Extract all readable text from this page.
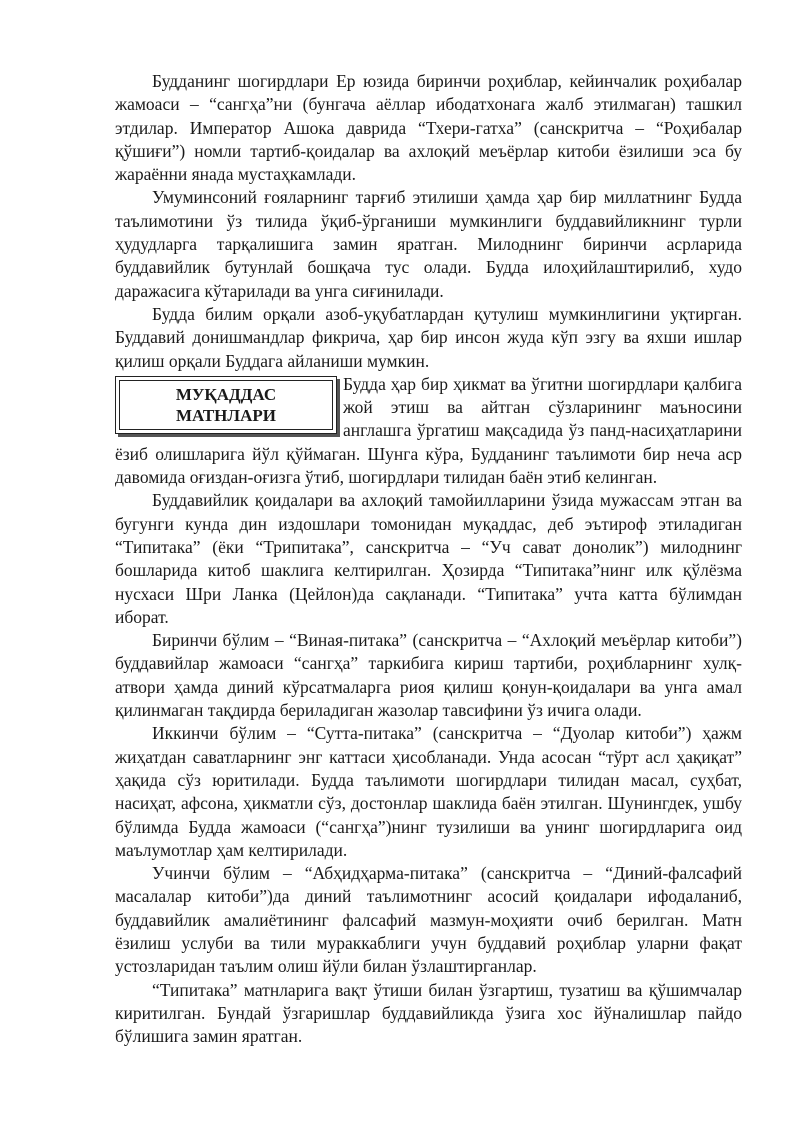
Будданинг шогирдлари Ер юзида биринчи роҳиблар, кейинчалик роҳибалар жамоаси – “сангҳа”ни (бунгача аёллар ибодатхонага жалб этилмаган) ташкил этдилар. Император Ашока даврида “Тхери-гатха” (санскритча – “Роҳибалар қўшиғи”) номли тартиб-қоидалар ва ахлоқий меъёрлар китоби ёзилиши эса бу жараённи янада мустаҳкамлади.

Умуминсоний ғояларнинг тарғиб этилиши ҳамда ҳар бир миллатнинг Будда таълимотини ўз тилида ўқиб-ўрганиши мумкинлиги буддавийликнинг турли ҳудудларга тарқалишига замин яратган. Милоднинг биринчи асрларида буддавийлик бутунлай бошқача тус олади. Будда илоҳийлаштирилиб, худо даражасига кўтарилади ва унга сиғинилади.

Будда билим орқали азоб-уқубатлардан қутулиш мумкинлигини уқтирган. Буддавий донишмандлар фикрича, ҳар бир инсон жуда кўп эзгу ва яхши ишлар қилиш орқали Буддага айланиши мумкин.

МУҚАДДАС
МАТНЛАРИ

Будда ҳар бир ҳикмат ва ўгитни шогирдлари қалбига жой этиш ва айтган сўзларининг маъносини англашга ўргатиш мақсадида ўз панд-насиҳатларини ёзиб олишларига йўл қўймаган. Шунга кўра, Будданинг таълимоти бир неча аср давомида оғиздан-оғизга ўтиб, шогирдлари тилидан баён этиб келинган.

Буддавийлик қоидалари ва ахлоқий тамойилларини ўзида мужассам этган ва бугунги кунда дин издошлари томонидан муқаддас, деб эътироф этиладиган “Типитака” (ёки “Трипитака”, санскритча – “Уч сават донолик”) милоднинг бошларида китоб шаклига келтирилган. Ҳозирда “Типитака”нинг илк қўлёзма нусхаси Шри Ланка (Цейлон)да сақланади. “Типитака” учта катта бўлимдан иборат.

Биринчи бўлим – “Виная-питака” (санскритча – “Ахлоқий меъёрлар китоби”) буддавийлар жамоаси “сангҳа” таркибига кириш тартиби, роҳибларнинг хулқ-атвори ҳамда диний кўрсатмаларга риоя қилиш қонун-қоидалари ва унга амал қилинмаган тақдирда бериладиган жазолар тавсифини ўз ичига олади.

Иккинчи бўлим – “Сутта-питака” (санскритча – “Дуолар китоби”) ҳажм жиҳатдан саватларнинг энг каттаси ҳисобланади. Унда асосан “тўрт асл ҳақиқат” ҳақида сўз юритилади. Будда таълимоти шогирдлари тилидан масал, суҳбат, насиҳат, афсона, ҳикматли сўз, достонлар шаклида баён этилган. Шунингдек, ушбу бўлимда Будда жамоаси (“сангҳа”)нинг тузилиши ва унинг шогирдларига оид маълумотлар ҳам келтирилади.

Учинчи бўлим – “Абҳидҳарма-питака” (санскритча – “Диний-фалсафий масалалар китоби”)да диний таълимотнинг асосий қоидалари ифодаланиб, буддавийлик амалиётининг фалсафий мазмун-моҳияти очиб берилган. Матн ёзилиш услуби ва тили мураккаблиги учун буддавий роҳиблар уларни фақат устозларидан таълим олиш йўли билан ўзлаштирганлар.

“Типитака” матнларига вақт ўтиши билан ўзгартиш, тузатиш ва қўшимчалар киритилган. Бундай ўзгаришлар буддавийликда ўзига хос йўналишлар пайдо бўлишига замин яратган.
